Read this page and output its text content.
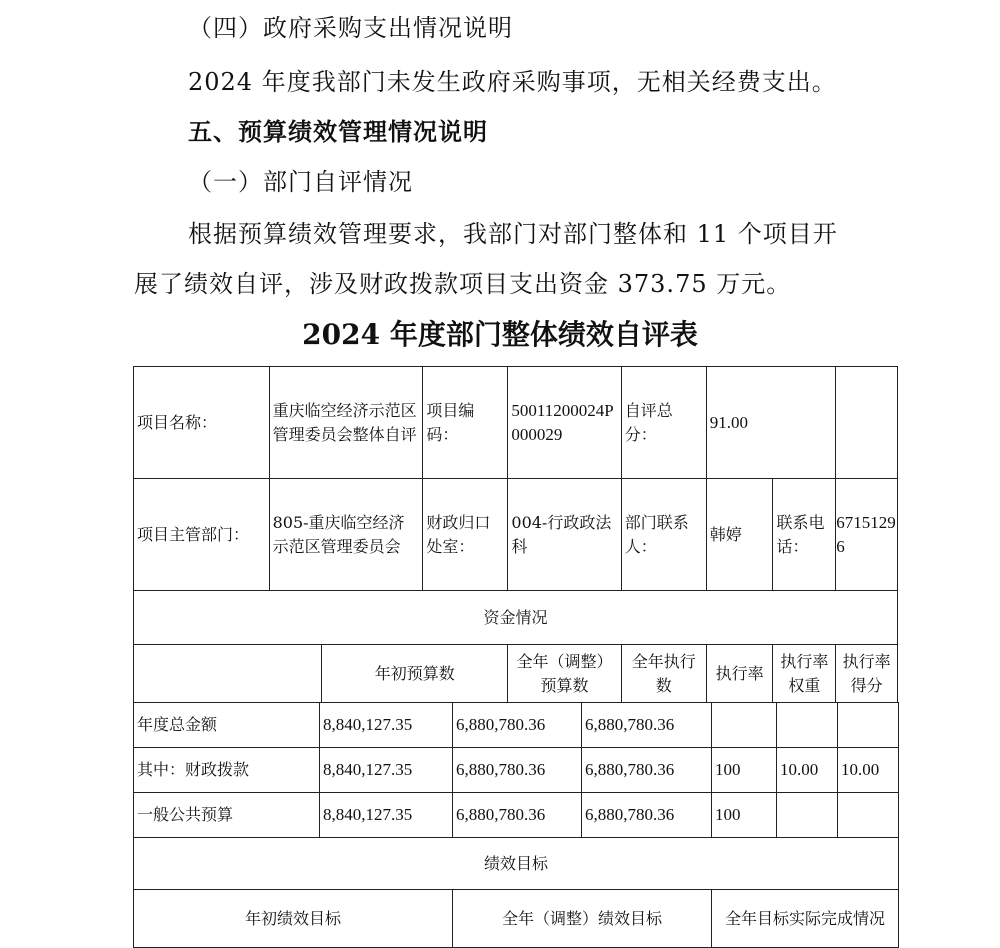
（四）政府采购支出情况说明
2024 年度我部门未发生政府采购事项，无相关经费支出。
五、预算绩效管理情况说明
（一）部门自评情况
根据预算绩效管理要求，我部门对部门整体和 11 个项目开
展了绩效自评，涉及财政拨款项目支出资金 373.75 万元。
2024 年度部门整体绩效自评表
项目名称：	重庆临空经济示范区管理委员会整体自评		项目编码：	50011200024P000029	自评总分：	91.00		
项目主管部门：	805-重庆临空经济示范区管理委员会		财政归口处室：	004-行政政法科	部门联系人：	韩婷	联系电话：	67151296
资金情况								
		年初预算数		全年（调整）预算数	全年执行数	执行率	执行率权重	执行率得分
年度总金额	8,840,127.35	6,880,780.36	6,880,780.36			
其中：财政拨款	8,840,127.35	6,880,780.36	6,880,780.36	100	10.00	10.00
一般公共预算	8,840,127.35	6,880,780.36	6,880,780.36	100		
绩效目标						
年初绩效目标		全年（调整）绩效目标		全年目标实际完成情况		
